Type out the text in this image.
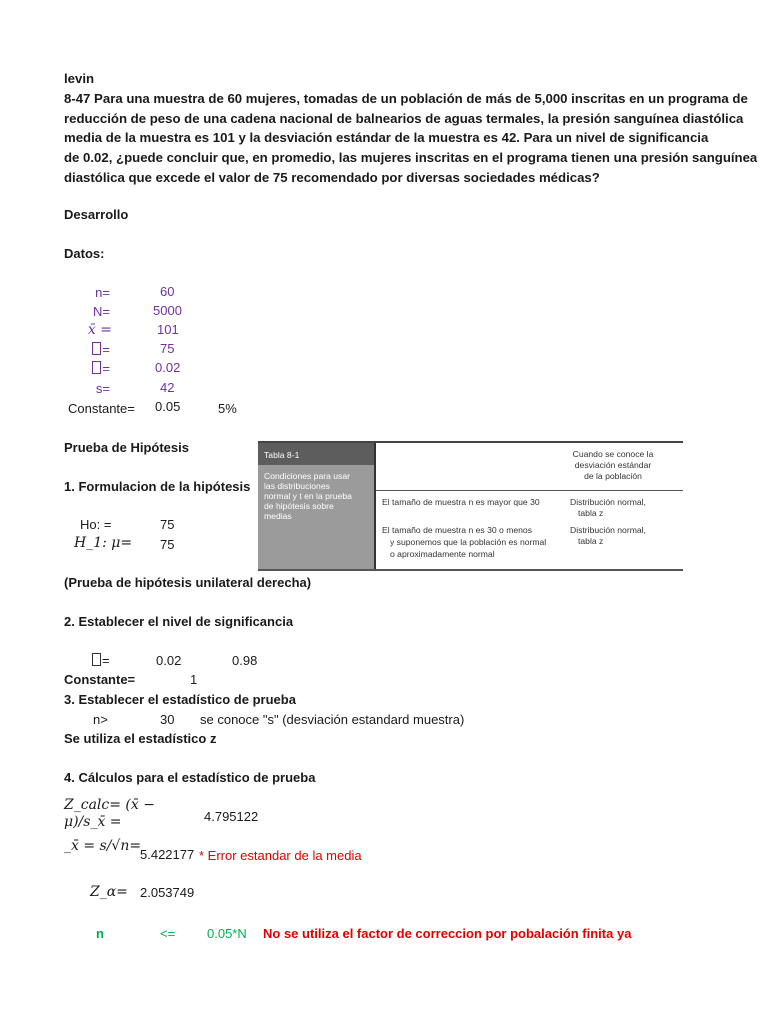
levin
8-47 Para una muestra de 60 mujeres, tomadas de un población de más de 5,000 inscritas en un programa de
reducción de peso de una cadena nacional de balnearios de aguas termales, la presión sanguínea diastólica
media de la muestra es 101 y la desviación estándar de la muestra es 42. Para un nivel de significancia
de 0.02, ¿puede concluir que, en promedio, las mujeres inscritas en el programa tienen una presión sanguínea
diastólica que excede el valor de 75 recomendado por diversas sociedades médicas?
Desarrollo
Datos:
n=	60
N=	5000
x̄ =	101
=	75
=	0.02
s=	42
Constante= 0.05	5%
Prueba de Hipótesis
1. Formulacion de la hipótesis
Ho: =	75
H_1: μ= 75
(Prueba de hipótesis unilateral derecha)
Tabla 8-1
Condiciones para usar
las distribuciones
normal y t en la prueba
de hipótesis sobre
medias
Cuando se conoce la
desviación estándar
de la población
El tamaño de muestra n es mayor que 30	Distribución normal,
tabla z
El tamaño de muestra n es 30 o menos
y suponemos que la población es normal
o aproximadamente normal
Distribución normal,
tabla z
2. Establecer el nivel de significancia
=	0.02	0.98
Constante=	1
3. Establecer el estadístico de prueba
n>	30 se conoce "s" (desviación estandard muestra)
Se utiliza el estadístico z
4. Cálculos para el estadístico de prueba
Z_calc= (x̄ −
μ)/s_x̄ =	4.795122
_x̄ = s/√n=
5.422177 * Error estandar de la media
Z_α= 2.053749
n	<= 0.05*N No se utiliza el factor de correccion por pobalación finita ya
